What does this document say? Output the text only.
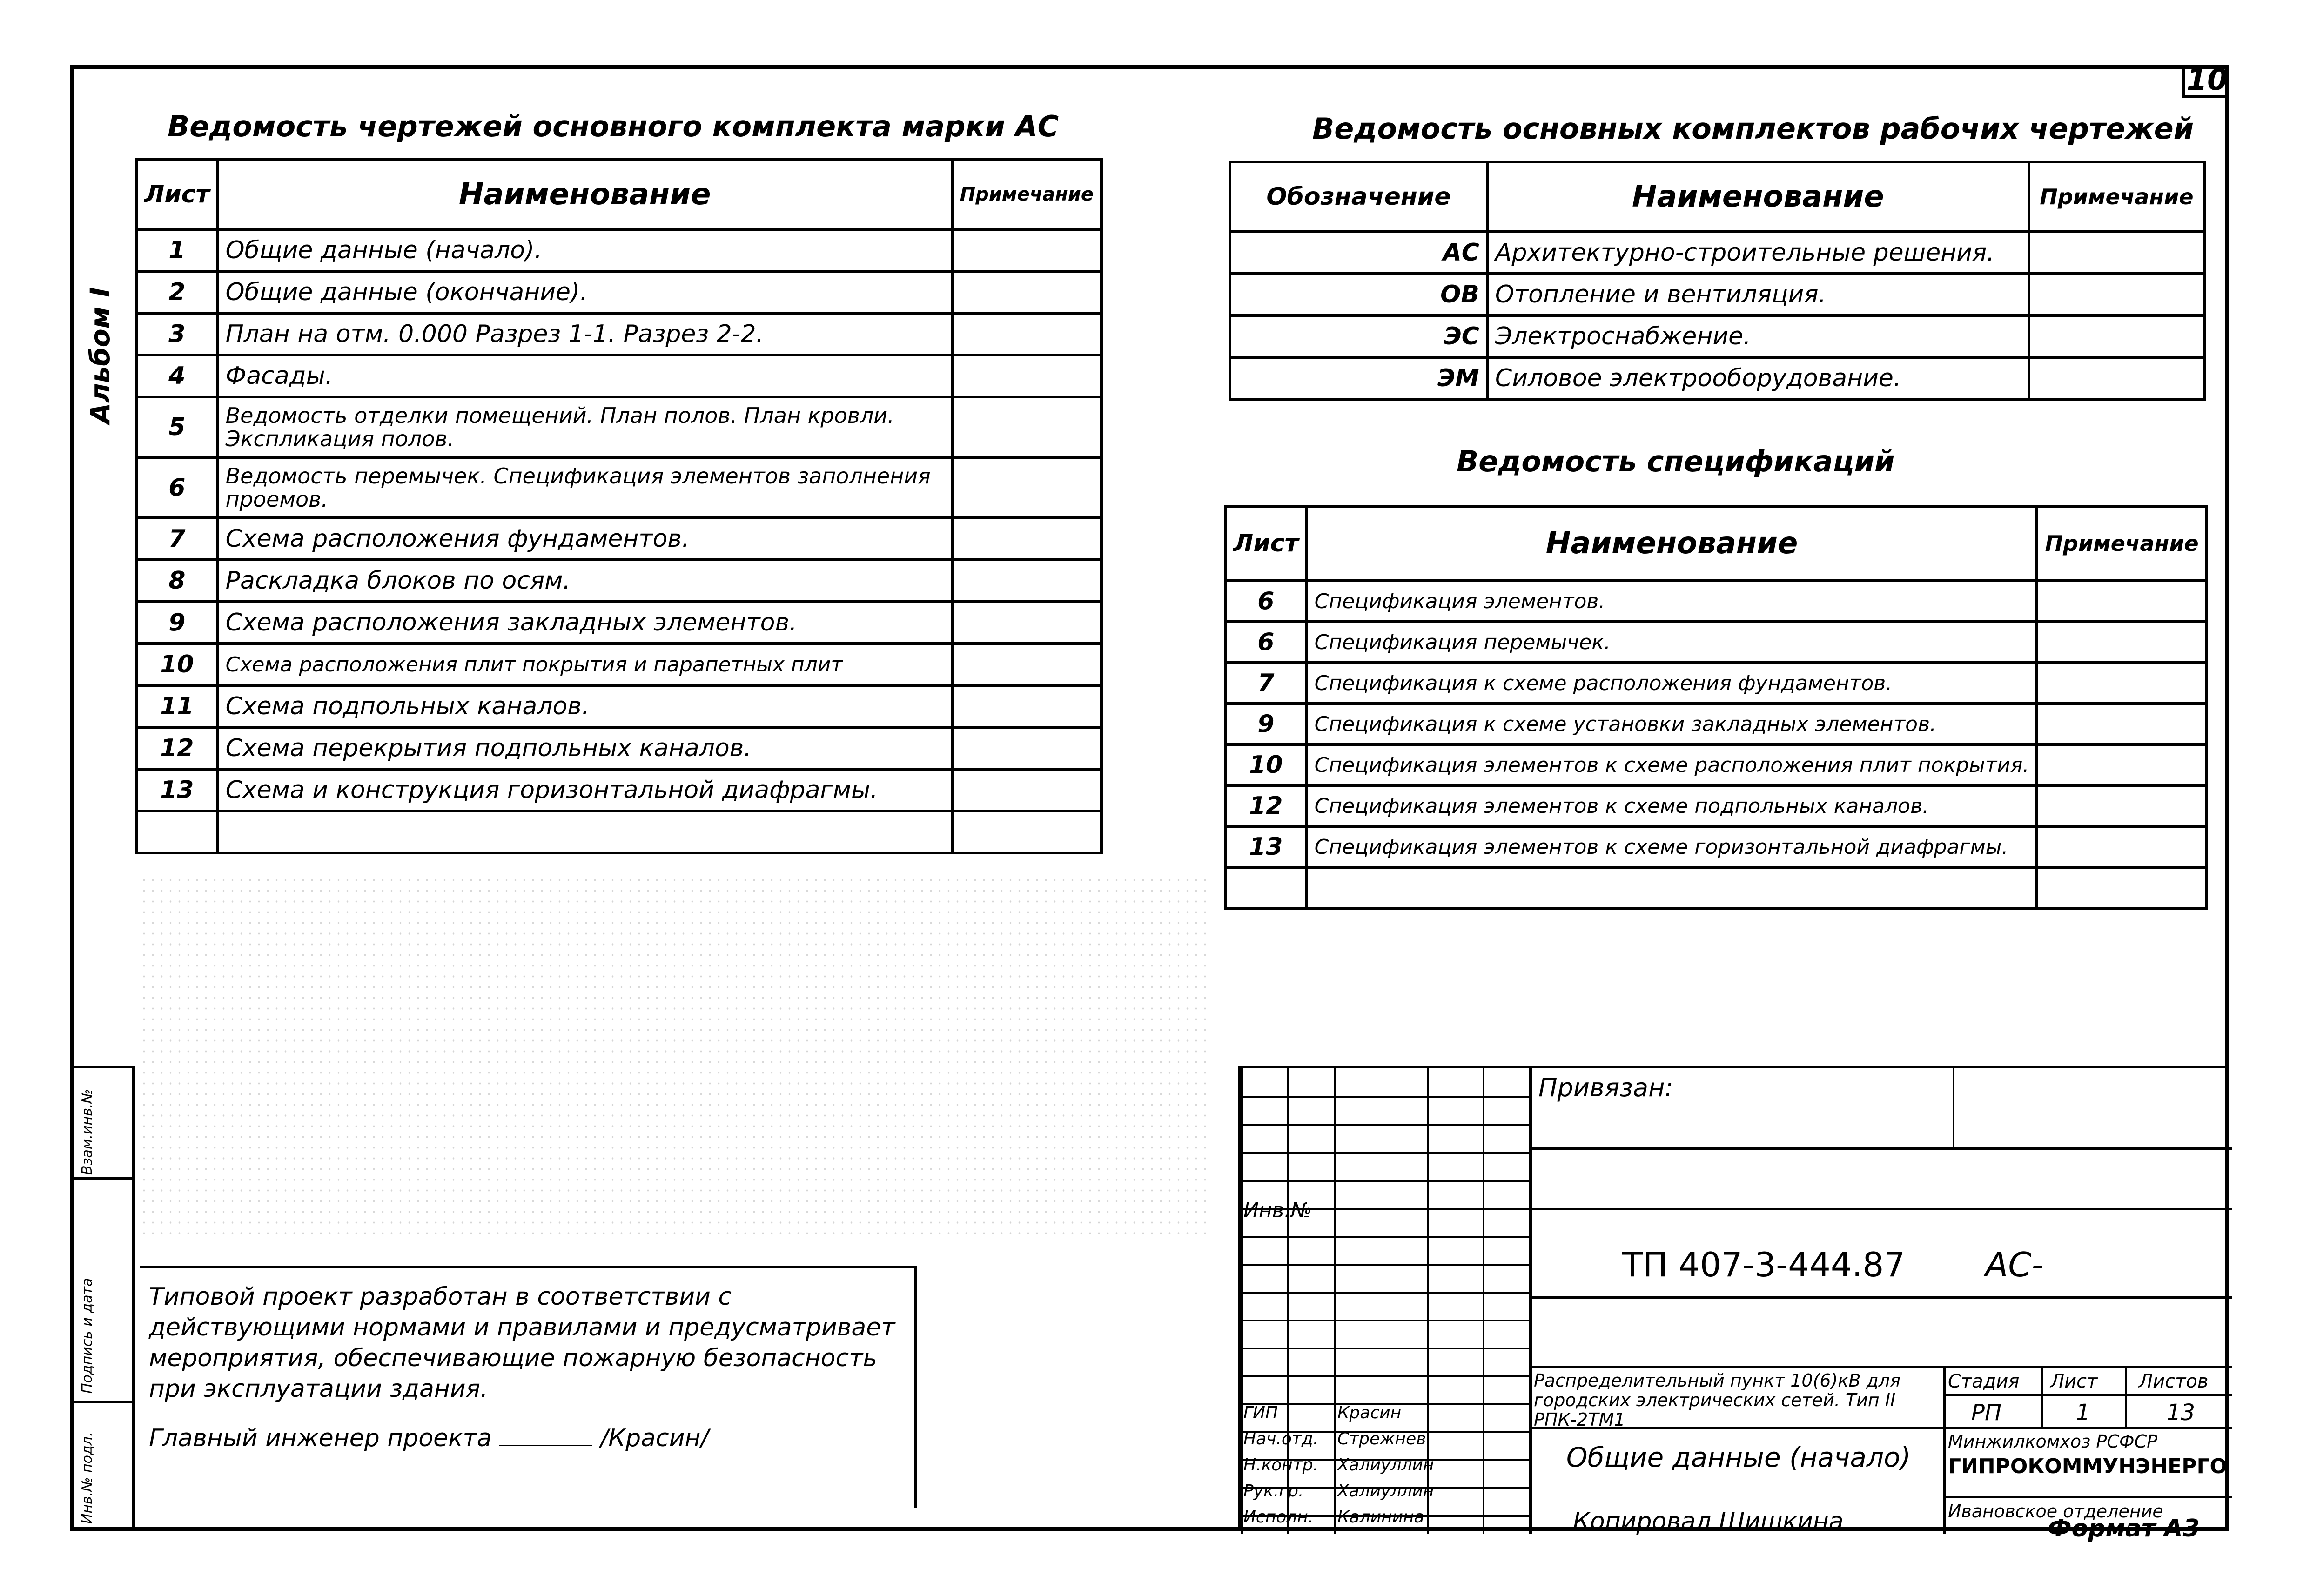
10
Альбом I
Взам.инв.№
Подпись и дата
Инв.№ подл.
Ведомость чертежей основного комплекта марки АС
Лист	Наименование	Примечание
1	Общие данные (начало).	
2	Общие данные (окончание).	
3	План на отм. 0.000 Разрез 1-1. Разрез 2-2.	
4	Фасады.	
5	Ведомость отделки помещений. План полов. План кровли. Экспликация полов.	
6	Ведомость перемычек. Спецификация элементов заполнения проемов.	
7	Схема расположения фундаментов.	
8	Раскладка блоков по осям.	
9	Схема расположения закладных элементов.	
10	Схема расположения плит покрытия и парапетных плит	
11	Схема подпольных каналов.	
12	Схема перекрытия подпольных каналов.	
13	Схема и конструкция горизонтальной диафрагмы.	

Ведомость основных комплектов рабочих чертежей
Обозначение	Наименование	Примечание
АС	Архитектурно-строительные решения.	
ОВ	Отопление и вентиляция.	
ЭС	Электроснабжение.	
ЭМ	Силовое электрооборудование.	
Ведомость спецификаций
Лист	Наименование	Примечание
6	Спецификация элементов.	
6	Спецификация перемычек.	
7	Спецификация к схеме расположения фундаментов.	
9	Спецификация к схеме установки закладных элементов.	
10	Спецификация элементов к схеме расположения плит покрытия.	
12	Спецификация элементов к схеме подпольных каналов.	
13	Спецификация элементов к схеме горизонтальной диафрагмы.	

Типовой проект разработан в соответствии с действующими нормами и правилами и предусматривает мероприятия, обеспечивающие пожарную безопасность при эксплуатации здания.
Главный инженер проекта	/Красин/
Привязан:
Инв.№
ТП 407-3-444.87 АС-
Распределительный пункт 10(6)кВ для городских электрических сетей. Тип II РПК-2ТМ1
Общие данные (начало)
Стадия Лист Листов
РП	1	13
Минжилкомхоз РСФСР
ГИПРОКОММУНЭНЕРГО
Ивановское отделение
ГИП	Красин
Нач.отд. Стрежнев
Н.контр. Халиуллин
Рук.гр. Халиуллин
Исполн. Калинина	Копировал Шишкина	Формат А3
